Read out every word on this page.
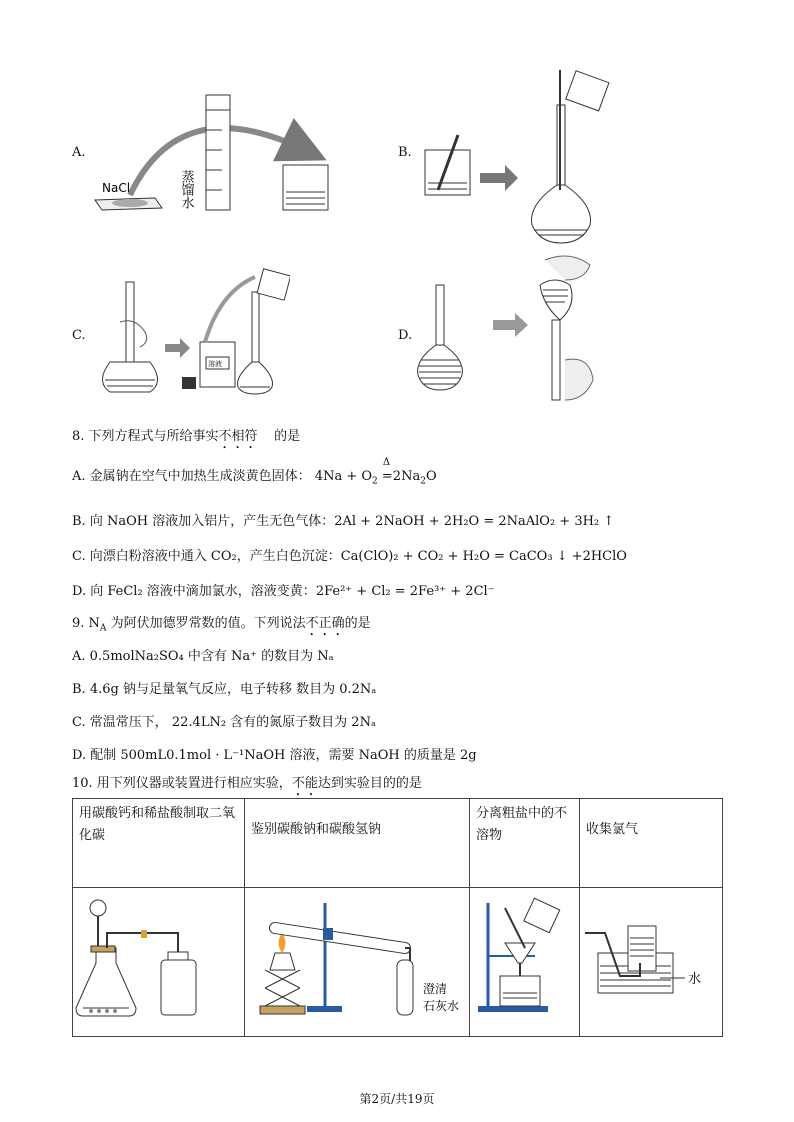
A.
NaCl	蒸馏水
B.
C.
溶液
D.
8. 下列方程式与所给事实不相符 的是
A. 金属钠在空气中加热生成淡黄色固体： $4Na + O_2$
Δ
$=2Na_2O$
B. 向 NaOH 溶液加入铝片，产生无色气体：2Al + 2NaOH + 2H₂O = 2NaAlO₂ + 3H₂ ↑
C. 向漂白粉溶液中通入 CO₂，产生白色沉淀：Ca(ClO)₂ + CO₂ + H₂O = CaCO₃ ↓ +2HClO
D. 向 FeCl₂ 溶液中滴加氯水，溶液变黄：2Fe²⁺ + Cl₂ = 2Fe³⁺ + 2Cl⁻
9. $N_A$ 为阿伏加德罗常数的值。下列说法不正确的是
A. 0.5molNa₂SO₄ 中含有 Na⁺ 的数目为 Nₐ
B. 4.6g 钠与足量氧气反应，电子转移 数目为 0.2Nₐ
C. 常温常压下， 22.4LN₂ 含有的氮原子数目为 2Nₐ
D. 配制 500mL0.1mol · L⁻¹NaOH 溶液，需要 NaOH 的质量是 2g
10. 用下列仪器或装置进行相应实验，不能达到实验目的的是
用碳酸钙和稀盐酸制取二氧化碳	鉴别碳酸钠和碳酸氢钠	分离粗盐中的不溶物	收集氯气

澄清
石灰水		水
第2页/共19页
